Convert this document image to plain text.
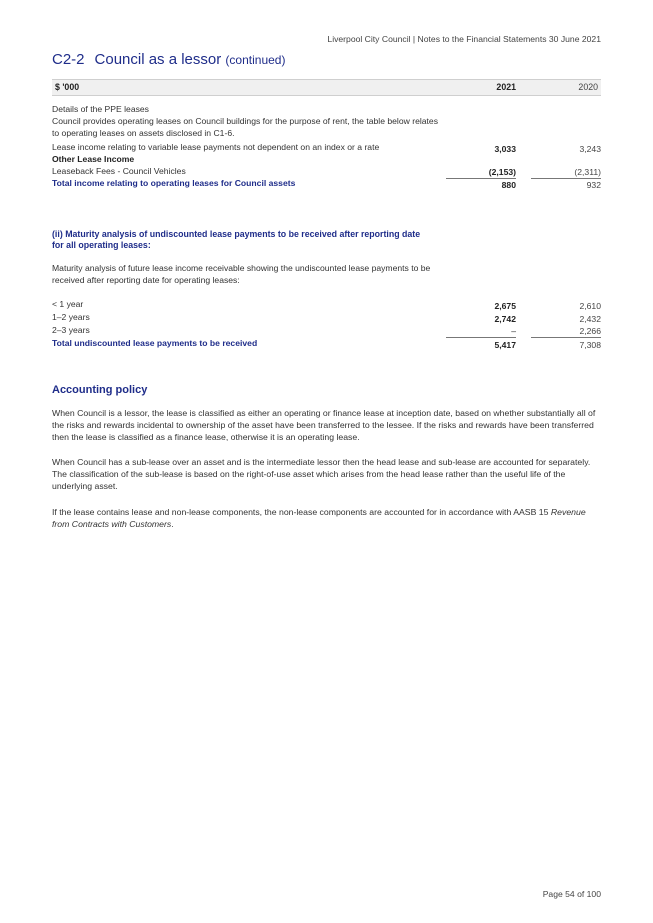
Liverpool City Council | Notes to the Financial Statements 30 June 2021
C2-2 Council as a lessor (continued)
$ '000	2021	2020
Details of the PPE leases
Council provides operating leases on Council buildings for the purpose of rent, the table below relates to operating leases on assets disclosed in C1-6.
Lease income relating to variable lease payments not dependent on an index or a rate	3,033	3,243
Other Lease Income
Leaseback Fees - Council Vehicles	(2,153)	(2,311)
Total income relating to operating leases for Council assets	880	932
(ii) Maturity analysis of undiscounted lease payments to be received after reporting date for all operating leases:
Maturity analysis of future lease income receivable showing the undiscounted lease payments to be received after reporting date for operating leases:
< 1 year	2,675	2,610
1–2 years	2,742	2,432
2–3 years	–	2,266
Total undiscounted lease payments to be received	5,417	7,308
Accounting policy
When Council is a lessor, the lease is classified as either an operating or finance lease at inception date, based on whether substantially all of the risks and rewards incidental to ownership of the asset have been transferred to the lessee. If the risks and rewards have been transferred then the lease is classified as a finance lease, otherwise it is an operating lease.
When Council has a sub-lease over an asset and is the intermediate lessor then the head lease and sub-lease are accounted for separately. The classification of the sub-lease is based on the right-of-use asset which arises from the head lease rather than the useful life of the underlying asset.
If the lease contains lease and non-lease components, the non-lease components are accounted for in accordance with AASB 15 Revenue from Contracts with Customers.
Page 54 of 100
